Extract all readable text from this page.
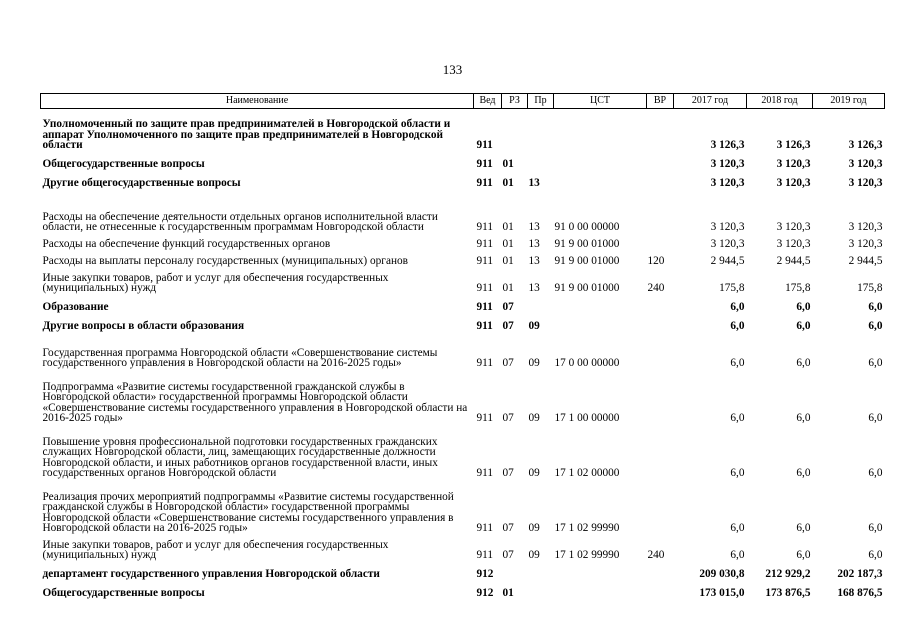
133
Наименование	Вед	РЗ	Пр	ЦСТ	ВР	2017 год	2018 год	2019 год
Уполномоченный по защите прав предпринимателей в Новгородской области и аппарат Уполномоченного по защите прав предпринимателей в Новгородской области	911					3 126,3	3 126,3	3 126,3
Общегосударственные вопросы	911	01				3 120,3	3 120,3	3 120,3
Другие общегосударственные вопросы	911	01	13			3 120,3	3 120,3	3 120,3
Расходы на обеспечение деятельности отдельных органов исполнительной власти области, не отнесенные к государственным программам Новгородской области	911	01	13	91 0 00 00000		3 120,3	3 120,3	3 120,3
Расходы на обеспечение функций государственных органов	911	01	13	91 9 00 01000		3 120,3	3 120,3	3 120,3
Расходы на выплаты персоналу государственных (муниципальных) органов	911	01	13	91 9 00 01000	120	2 944,5	2 944,5	2 944,5
Иные закупки товаров, работ и услуг для обеспечения государственных (муниципальных) нужд	911	01	13	91 9 00 01000	240	175,8	175,8	175,8
Образование	911	07				6,0	6,0	6,0
Другие вопросы в области образования	911	07	09			6,0	6,0	6,0
Государственная программа Новгородской области «Совершенствование системы государственного управления в Новгородской области на 2016-2025 годы»	911	07	09	17 0 00 00000		6,0	6,0	6,0
Подпрограмма «Развитие системы государственной гражданской службы в Новгородской области» государственной программы Новгородской области «Совершенствование системы государственного управления в Новгородской области на 2016-2025 годы»	911	07	09	17 1 00 00000		6,0	6,0	6,0
Повышение уровня профессиональной подготовки государственных гражданских служащих Новгородской области, лиц, замещающих государственные должности Новгородской области, и иных работников органов государственной власти, иных государственных органов Новгородской области	911	07	09	17 1 02 00000		6,0	6,0	6,0
Реализация прочих мероприятий подпрограммы «Развитие системы государственной гражданской службы в Новгородской области» государственной программы Новгородской области «Совершенствование системы государственного управления в Новгородской области на 2016-2025 годы»	911	07	09	17 1 02 99990		6,0	6,0	6,0
Иные закупки товаров, работ и услуг для обеспечения государственных (муниципальных) нужд	911	07	09	17 1 02 99990	240	6,0	6,0	6,0
департамент государственного управления Новгородской области	912					209 030,8	212 929,2	202 187,3
Общегосударственные вопросы	912	01				173 015,0	173 876,5	168 876,5
